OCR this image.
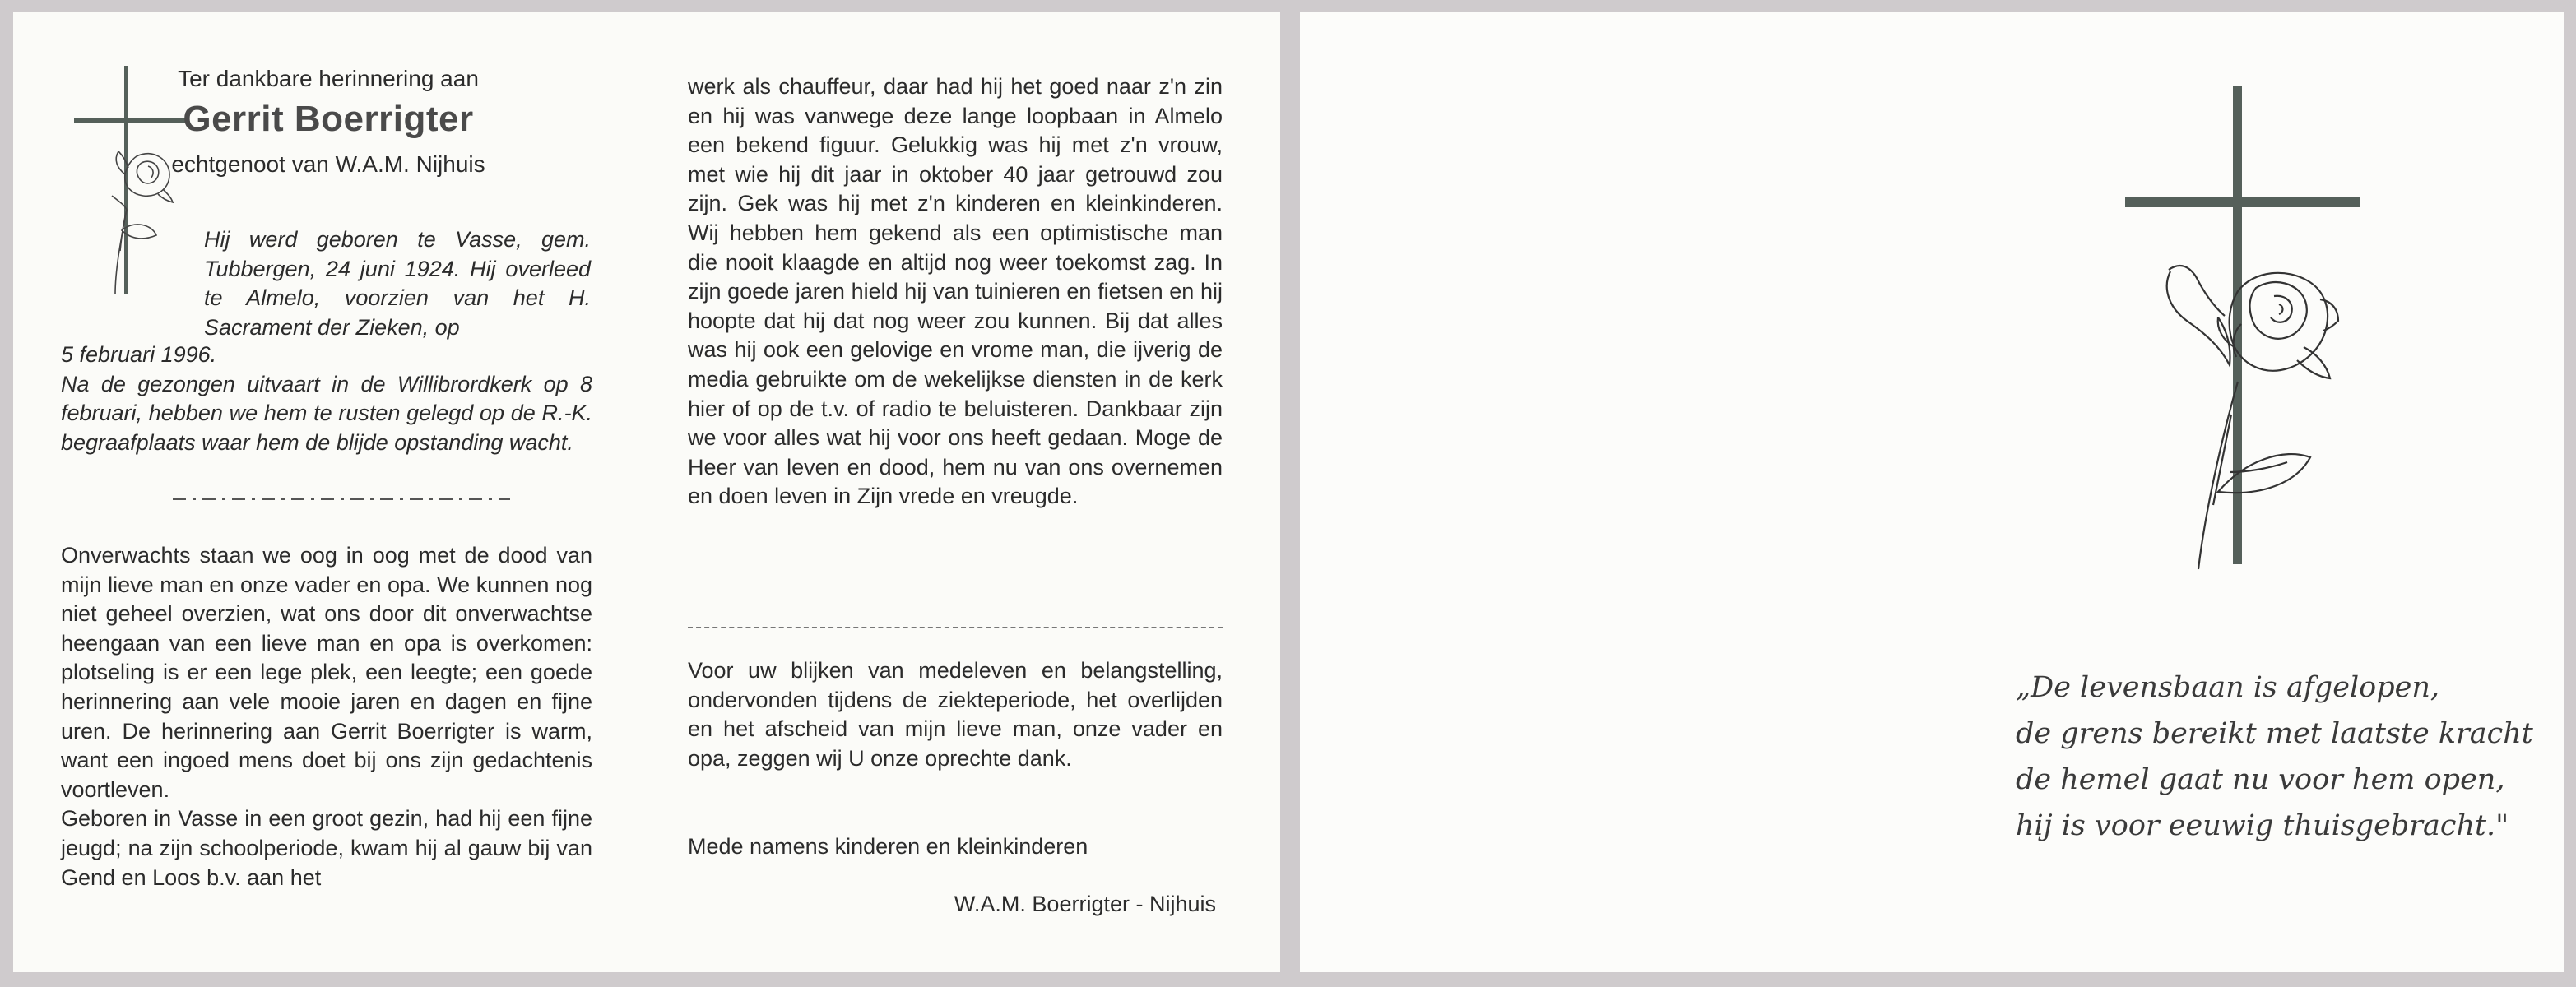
Ter dankbare herinnering aan
Gerrit Boerrigter
echtgenoot van W.A.M. Nijhuis
Hij werd geboren te Vasse, gem. Tubbergen, 24 juni 1924. Hij overleed te Almelo, voorzien van het H. Sacrament der Zieken, op
5 februari 1996.
Na de gezongen uitvaart in de Willibrordkerk op 8 februari, hebben we hem te rusten gelegd op de R.-K. begraafplaats waar hem de blijde opstanding wacht.
Onverwachts staan we oog in oog met de dood van mijn lieve man en onze vader en opa. We kunnen nog niet geheel overzien, wat ons door dit onverwachtse heengaan van een lieve man en opa is overkomen: plotseling is er een lege plek, een leegte; een goede herinnering aan vele mooie jaren en dagen en fijne uren. De herinnering aan Gerrit Boerrigter is warm, want een ingoed mens doet bij ons zijn gedachtenis voortleven.
Geboren in Vasse in een groot gezin, had hij een fijne jeugd; na zijn schoolperiode, kwam hij al gauw bij van Gend en Loos b.v. aan het
werk als chauffeur, daar had hij het goed naar z'n zin en hij was vanwege deze lange loopbaan in Almelo een bekend figuur. Gelukkig was hij met z'n vrouw, met wie hij dit jaar in oktober 40 jaar getrouwd zou zijn. Gek was hij met z'n kinderen en kleinkinderen. Wij hebben hem gekend als een optimistische man die nooit klaagde en altijd nog weer toekomst zag. In zijn goede jaren hield hij van tuinieren en fietsen en hij hoopte dat hij dat nog weer zou kunnen. Bij dat alles was hij ook een gelovige en vrome man, die ijverig de media gebruikte om de wekelijkse diensten in de kerk hier of op de t.v. of radio te beluisteren. Dankbaar zijn we voor alles wat hij voor ons heeft gedaan. Moge de Heer van leven en dood, hem nu van ons overnemen en doen leven in Zijn vrede en vreugde.
Voor uw blijken van medeleven en belangstelling, ondervonden tijdens de ziekteperiode, het overlijden en het afscheid van mijn lieve man, onze vader en opa, zeggen wij U onze oprechte dank.
Mede namens kinderen en kleinkinderen
W.A.M. Boerrigter - Nijhuis
„De levensbaan is afgelopen,
de grens bereikt met laatste kracht
de hemel gaat nu voor hem open,
hij is voor eeuwig thuisgebracht."
